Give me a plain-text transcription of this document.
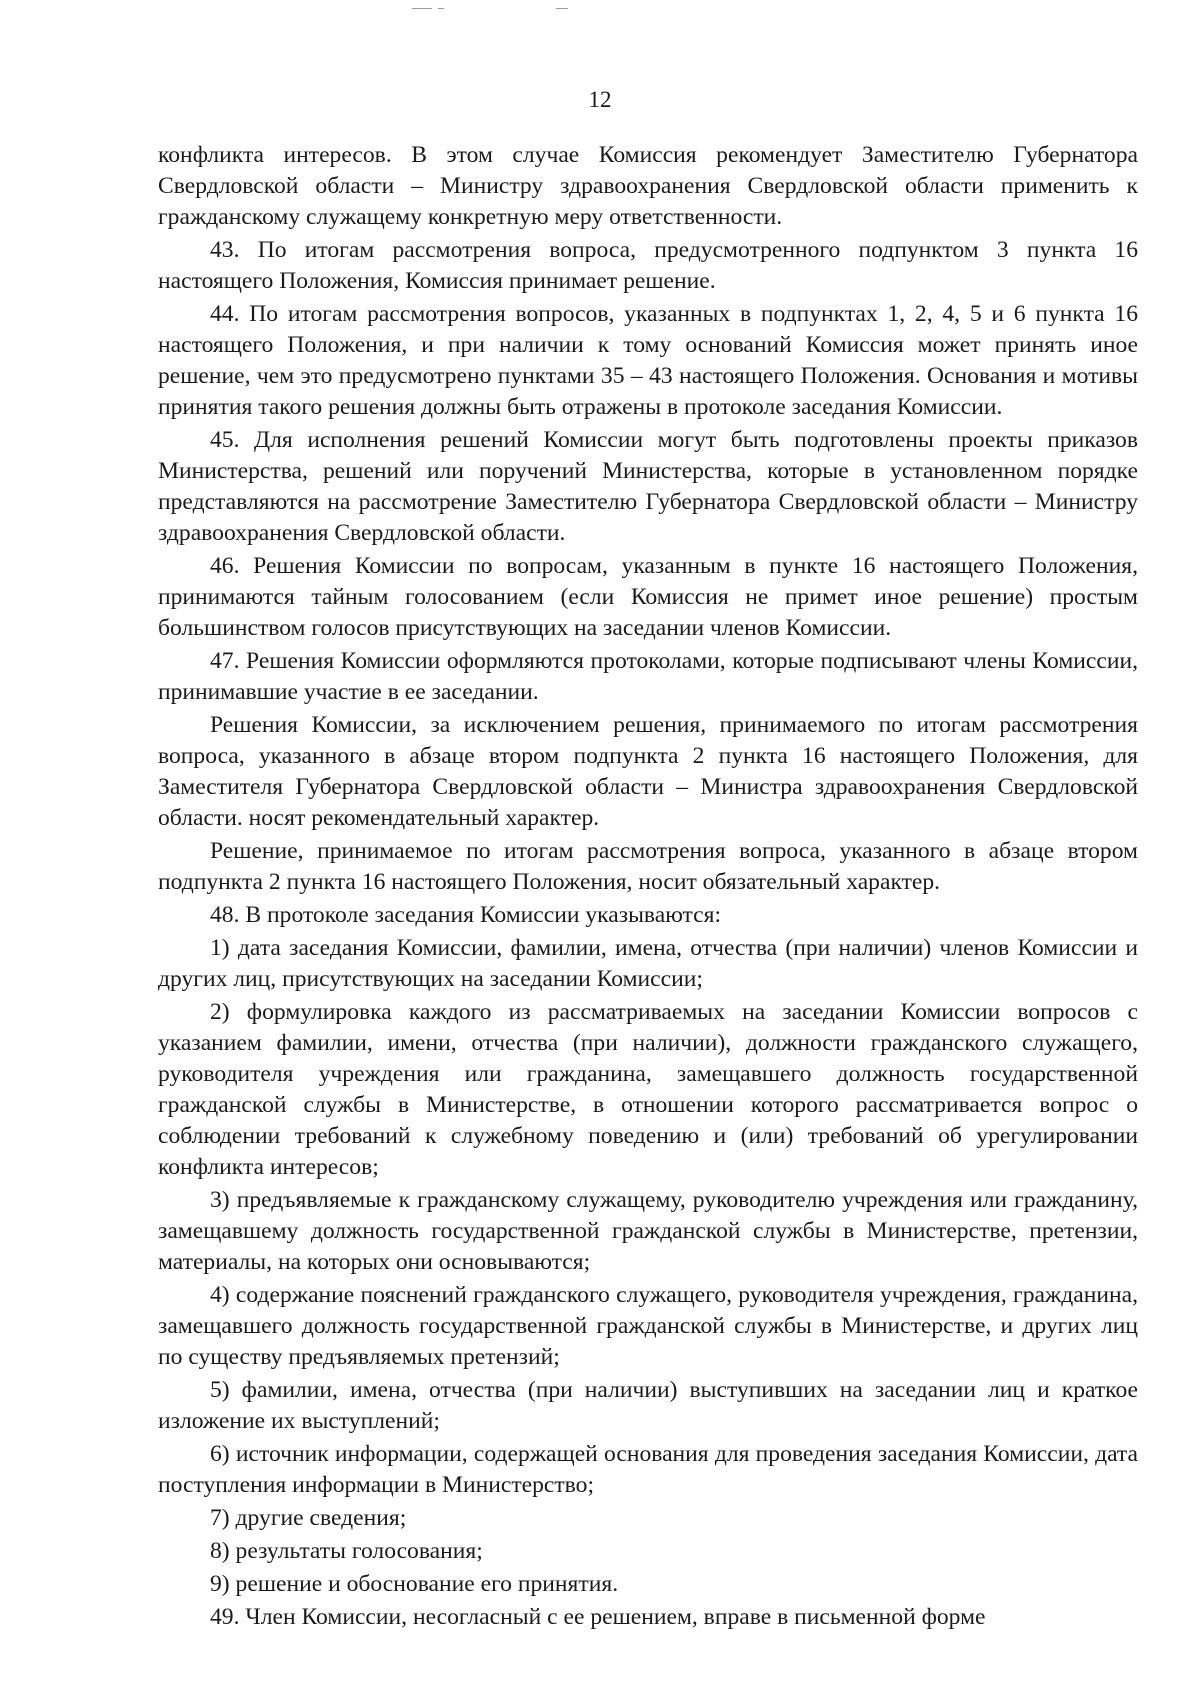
12

конфликта интересов. В этом случае Комиссия рекомендует Заместителю Губернатора Свердловской области – Министру здравоохранения Свердловской области применить к гражданскому служащему конкретную меру ответственности.

43. По итогам рассмотрения вопроса, предусмотренного подпунктом 3 пункта 16 настоящего Положения, Комиссия принимает решение.

44. По итогам рассмотрения вопросов, указанных в подпунктах 1, 2, 4, 5 и 6 пункта 16 настоящего Положения, и при наличии к тому оснований Комиссия может принять иное решение, чем это предусмотрено пунктами 35 – 43 настоящего Положения. Основания и мотивы принятия такого решения должны быть отражены в протоколе заседания Комиссии.

45. Для исполнения решений Комиссии могут быть подготовлены проекты приказов Министерства, решений или поручений Министерства, которые в установленном порядке представляются на рассмотрение Заместителю Губернатора Свердловской области – Министру здравоохранения Свердловской области.

46. Решения Комиссии по вопросам, указанным в пункте 16 настоящего Положения, принимаются тайным голосованием (если Комиссия не примет иное решение) простым большинством голосов присутствующих на заседании членов Комиссии.

47. Решения Комиссии оформляются протоколами, которые подписывают члены Комиссии, принимавшие участие в ее заседании.

Решения Комиссии, за исключением решения, принимаемого по итогам рассмотрения вопроса, указанного в абзаце втором подпункта 2 пункта 16 настоящего Положения, для Заместителя Губернатора Свердловской области – Министра здравоохранения Свердловской области. носят рекомендательный характер.

Решение, принимаемое по итогам рассмотрения вопроса, указанного в абзаце втором подпункта 2 пункта 16 настоящего Положения, носит обязательный характер.

48. В протоколе заседания Комиссии указываются:

1) дата заседания Комиссии, фамилии, имена, отчества (при наличии) членов Комиссии и других лиц, присутствующих на заседании Комиссии;

2) формулировка каждого из рассматриваемых на заседании Комиссии вопросов с указанием фамилии, имени, отчества (при наличии), должности гражданского служащего, руководителя учреждения или гражданина, замещавшего должность государственной гражданской службы в Министерстве, в отношении которого рассматривается вопрос о соблюдении требований к служебному поведению и (или) требований об урегулировании конфликта интересов;

3) предъявляемые к гражданскому служащему, руководителю учреждения или гражданину, замещавшему должность государственной гражданской службы в Министерстве, претензии, материалы, на которых они основываются;

4) содержание пояснений гражданского служащего, руководителя учреждения, гражданина, замещавшего должность государственной гражданской службы в Министерстве, и других лиц по существу предъявляемых претензий;

5) фамилии, имена, отчества (при наличии) выступивших на заседании лиц и краткое изложение их выступлений;

6) источник информации, содержащей основания для проведения заседания Комиссии, дата поступления информации в Министерство;

7) другие сведения;

8) результаты голосования;

9) решение и обоснование его принятия.

49. Член Комиссии, несогласный с ее решением, вправе в письменной форме
